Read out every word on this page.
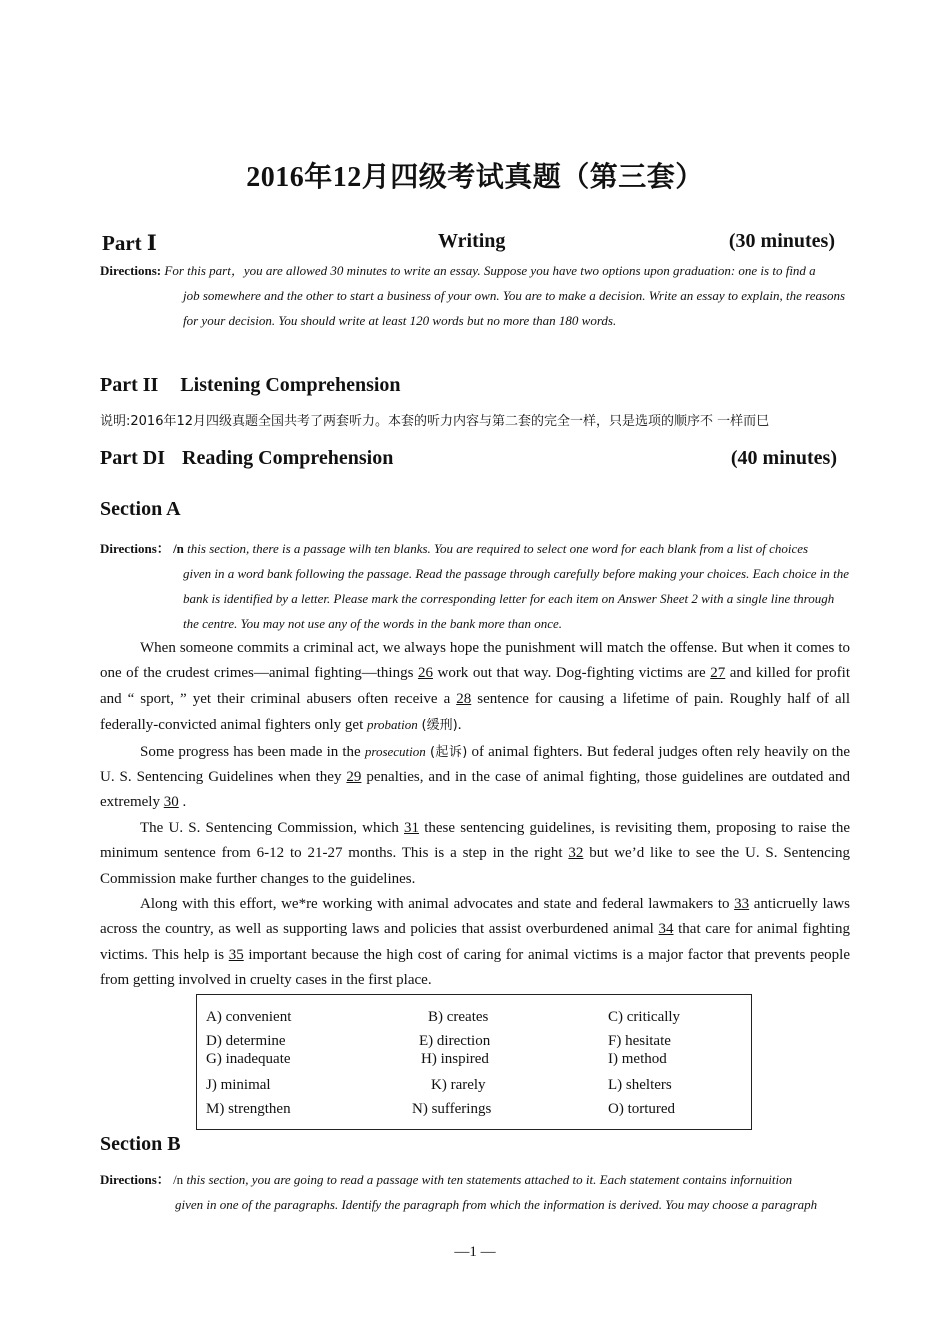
2016年12月四级考试真题（第三套）
Part Ⅰ	Writing	(30 minutes)
Directions: For this part，you are allowed 30 minutes to write an essay. Suppose you have two options upon graduation: one is to find a
job somewhere and the other to start a business of your own. You are to make a decision. Write an essay to explain, the reasons for your decision. You should write at least 120 words but no more than 180 words.
Part II Listening Comprehension
说明:2016年12月四级真题全国共考了两套听力。本套的听力内容与第二套的完全一样，只是选项的顺序不 一样而巳
Part DI Reading Comprehension	(40 minutes)
Section A
Directions： /n this section, there is a passage wilh ten blanks. You are required to select one word for each blank from a list of choices
given in a word bank following the passage. Read the passage through carefully before making your choices. Each choice in the bank is identified by a letter. Please mark the corresponding letter for each item on Answer Sheet 2 with a single line through the centre. You may not use any of the words in the bank more than once.

When someone commits a criminal act, we always hope the punishment will match the offense. But when it comes to one of the crudest crimes—animal fighting—things 26 work out that way. Dog-fighting victims are 27 and killed for profit and “ sport, ” yet their criminal abusers often receive a 28 sentence for causing a lifetime of pain. Roughly half of all federally-convicted animal fighters only get probation (缓刑).

Some progress has been made in the prosecution (起诉) of animal fighters. But federal judges often rely heavily on the U. S. Sentencing Guidelines when they 29 penalties, and in the case of animal fighting, those guidelines are outdated and extremely 30 .

The U. S. Sentencing Commission, which 31 these sentencing guidelines, is revisiting them, proposing to raise the minimum sentence from 6-12 to 21-27 months. This is a step in the right 32 but we’d like to see the U. S. Sentencing Commission make further changes to the guidelines.

Along with this effort, we*re working with animal advocates and state and federal lawmakers to 33 anticruelly laws across the country, as well as supporting laws and policies that assist overburdened animal 34 that care for animal fighting victims. This help is 35 important because the high cost of caring for animal victims is a major factor that prevents people from getting involved in cruelty cases in the first place.

A) convenient	B) creates	C) critically
D) determine	E) direction	F) hesitate
G) inadequate	H) inspired	I) method
J) minimal	K) rarely	L) shelters
M) strengthen	N) sufferings	O) tortured
Section B
Directions： /n this section, you are going to read a passage with ten statements attached to it. Each statement contains infornuition
given in one of the paragraphs. Identify the paragraph from which the information is derived. You may choose a paragraph
—1 —
